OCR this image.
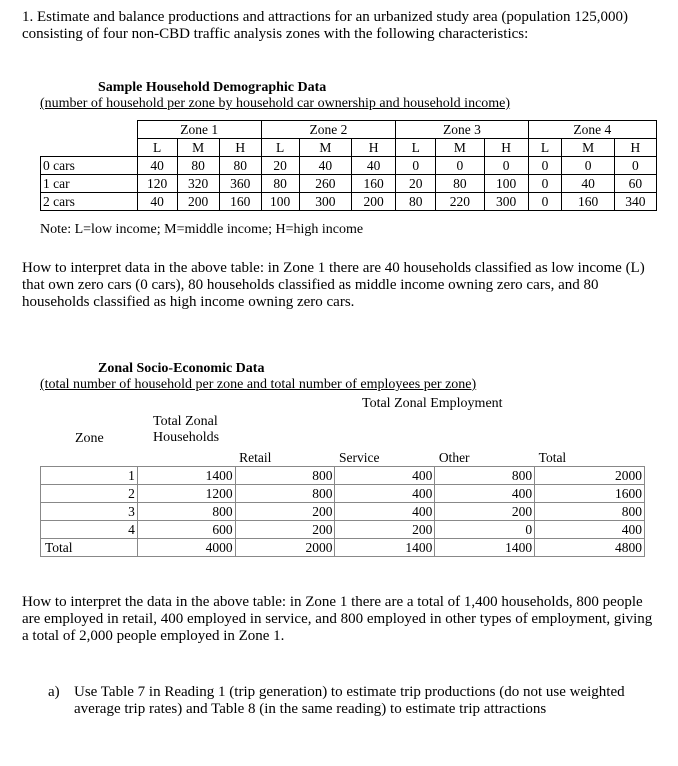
1. Estimate and balance productions and attractions for an urbanized study area (population 125,000) consisting of four non-CBD traffic analysis zones with the following characteristics:

Sample Household Demographic Data
(number of household per zone by household car ownership and household income)
	Zone 1			Zone 2			Zone 3			Zone 4		
	L	M	H	L	M	H	L	M	H	L	M	H
0 cars	40	80	80	20	40	40	0	0	0	0	0	0
1 car	120	320	360	80	260	160	20	80	100	0	40	60
2 cars	40	200	160	100	300	200	80	220	300	0	160	340
Note: L=low income; M=middle income; H=high income

How to interpret data in the above table: in Zone 1 there are 40 households classified as low income (L) that own zero cars (0 cars), 80 households classified as middle income owning zero cars, and 80 households classified as high income owning zero cars.

Zonal Socio-Economic Data
(total number of household per zone and total number of employees per zone)
Total Zonal Employment
Total Zonal Households
Zone
		Retail	Service	Other	Total
1	1400	800	400	800	2000
2	1200	800	400	400	1600
3	800	200	400	200	800
4	600	200	200	0	400
Total	4000	2000	1400	1400	4800

How to interpret the data in the above table: in Zone 1 there are a total of 1,400 households, 800 people are employed in retail, 400 employed in service, and 800 employed in other types of employment, giving a total of 2,000 people employed in Zone 1.

a) Use Table 7 in Reading 1 (trip generation) to estimate trip productions (do not use weighted average trip rates) and Table 8 (in the same reading) to estimate trip attractions
